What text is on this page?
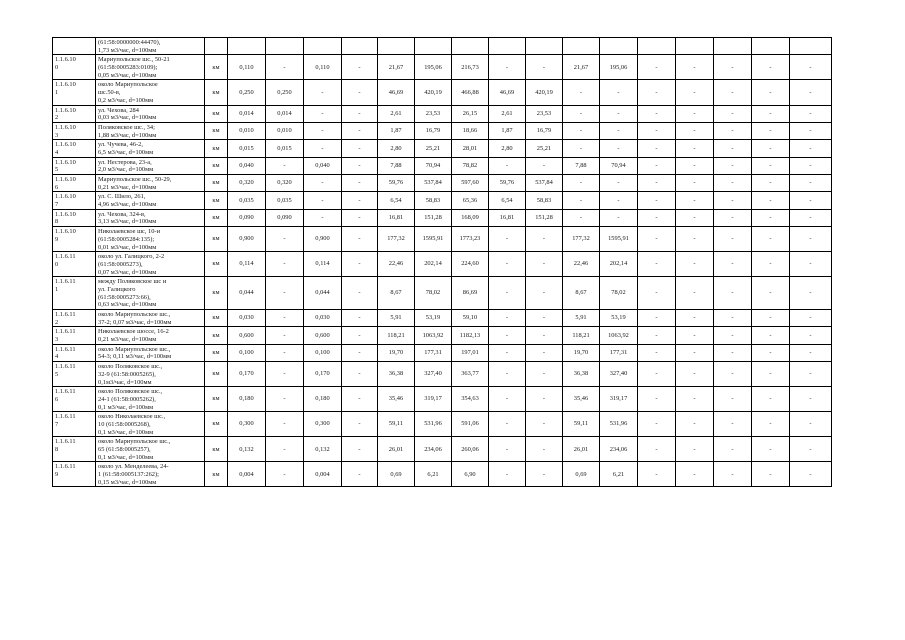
	(61:58:0000000:44470),
1,73 м3/час, d=100мм																	
1.1.6.10
0	Мариупольское шс., 50-21
(61:58:0005283:0109);
0,05 м3/час, d=100мм	км	0,110	-	0,110	-	21,67	195,06	216,73	-	-	21,67	195,06	-	-	-	-	-
1.1.6.10
1	около Мариупольское
шс.50-в,
0,2 м3/час, d=100мм	км	0,250	0,250	-	-	46,69	420,19	466,88	46,69	420,19	-	-	-	-	-	-	-
1.1.6.10
2	ул. Чехова, 284
0,03 м3/час, d=100мм	км	0,014	0,014	-	-	2,61	23,53	26,15	2,61	23,53	-	-	-	-	-	-	-
1.1.6.10
3	Поляковское шс., 34;
1,88 м3/час, d=100мм	км	0,010	0,010	-	-	1,87	16,79	18,66	1,87	16,79	-	-	-	-	-	-	-
1.1.6.10
4	ул. Чучева, 46-2,
6,5 м3/час, d=100мм	км	0,015	0,015	-	-	2,80	25,21	28,01	2,80	25,21	-	-	-	-	-	-	-
1.1.6.10
5	ул. Нестерова, 23-а,
2,0 м3/час, d=100мм	км	0,040	-	0,040	-	7,88	70,94	78,82	-	-	7,88	70,94	-	-	-	-	-
1.1.6.10
6	Мариупольское шс., 50-29,
0,21 м3/час, d=100мм	км	0,320	0,320	-	-	59,76	537,84	597,60	59,76	537,84	-	-	-	-	-	-	-
1.1.6.10
7	ул. С. Шило, 261,
4,96 м3/час, d=100мм	км	0,035	0,035	-	-	6,54	58,83	65,36	6,54	58,83	-	-	-	-	-	-	-
1.1.6.10
8	ул. Чехова, 324-в,
3,13 м3/час, d=100мм	км	0,090	0,090	-	-	16,81	151,28	168,09	16,81	151,28	-	-	-	-	-	-	-
1.1.6.10
9	Николаевское шс, 10-и
(61:58:0005284:135);
0,01 м3/час, d=100мм	км	0,900	-	0,900	-	177,32	1595,91	1773,23	-	-	177,32	1595,91	-	-	-	-	-
1.1.6.11
0	около ул. Галицкого, 2-2
(61:58:0005273),
0,07 м3/час, d=100мм	км	0,114	-	0,114	-	22,46	202,14	224,60	-	-	22,46	202,14	-	-	-	-	-
1.1.6.11
1	между Поляковское шс и
ул. Галицкого
(61:58:0005273:66),
0,63 м3/час, d=100мм	км	0,044	-	0,044	-	8,67	78,02	86,69	-	-	8,67	78,02	-	-	-	-	-
1.1.6.11
2	около Мариупольское шс.,
37-2; 0,07 м3/час, d=100мм	км	0,030	-	0,030	-	5,91	53,19	59,10	-	-	5,91	53,19	-	-	-	-	-
1.1.6.11
3	Николаевское шоссе, 16-2
0,21 м3/час, d=100мм	км	0,600	-	0,600	-	118,21	1063,92	1182,13	-	-	118,21	1063,92	-	-	-	-	-
1.1.6.11
4	около Мариупольское шс.,
54-3; 0,11 м3/час, d=100мм	км	0,100	-	0,100	-	19,70	177,31	197,01	-	-	19,70	177,31	-	-	-	-	-
1.1.6.11
5	около Поляковское шс.,
32-9 (61:58:0005265),
0,1м3/час, d=100мм	км	0,170	-	0,170	-	36,38	327,40	363,77	-	-	36,38	327,40	-	-	-	-	-
1.1.6.11
6	около Поляковское шс.,
24-1 (61:58:0005262),
0,1 м3/час, d=100мм	км	0,180	-	0,180	-	35,46	319,17	354,63	-	-	35,46	319,17	-	-	-	-	-
1.1.6.11
7	около Николаевское шс.,
10 (61:58:0005268),
0,1 м3/час, d=100мм	км	0,300	-	0,300	-	59,11	531,96	591,06	-	-	59,11	531,96	-	-	-	-	-
1.1.6.11
8	около Мариупольское шс.,
65 (61:58:0005257),
0,1 м3/час, d=100мм	км	0,132	-	0,132	-	26,01	234,06	260,06	-	-	26,01	234,06	-	-	-	-	-
1.1.6.11
9	около ул. Менделеева, 24-
1 (61:58:0005137:262);
0,15 м3/час, d=100мм	км	0,004	-	0,004	-	0,69	6,21	6,90	-	-	0,69	6,21	-	-	-	-	-
